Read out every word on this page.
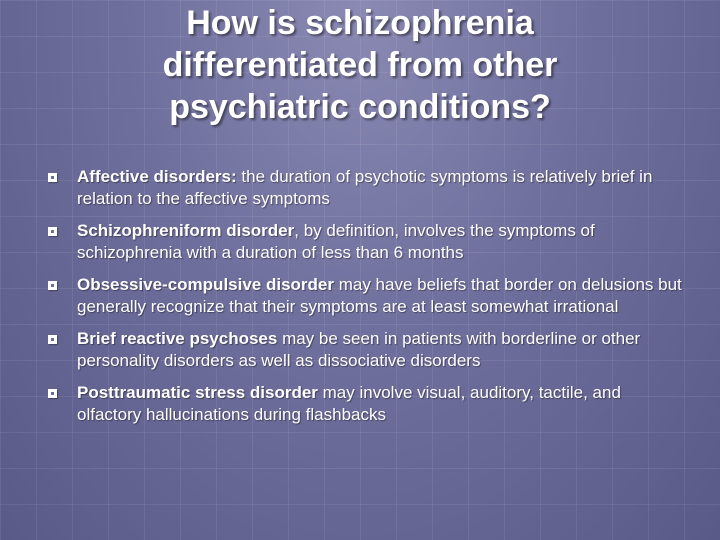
How is schizophrenia
differentiated from other
psychiatric conditions?
Affective disorders: the duration of psychotic symptoms is relatively brief in relation to the affective symptoms
Schizophreniform disorder, by definition, involves the symptoms of schizophrenia with a duration of less than 6 months
Obsessive-compulsive disorder may have beliefs that border on delusions but generally recognize that their symptoms are at least somewhat irrational
Brief reactive psychoses may be seen in patients with borderline or other personality disorders as well as dissociative disorders
Posttraumatic stress disorder may involve visual, auditory, tactile, and olfactory hallucinations during flashbacks
